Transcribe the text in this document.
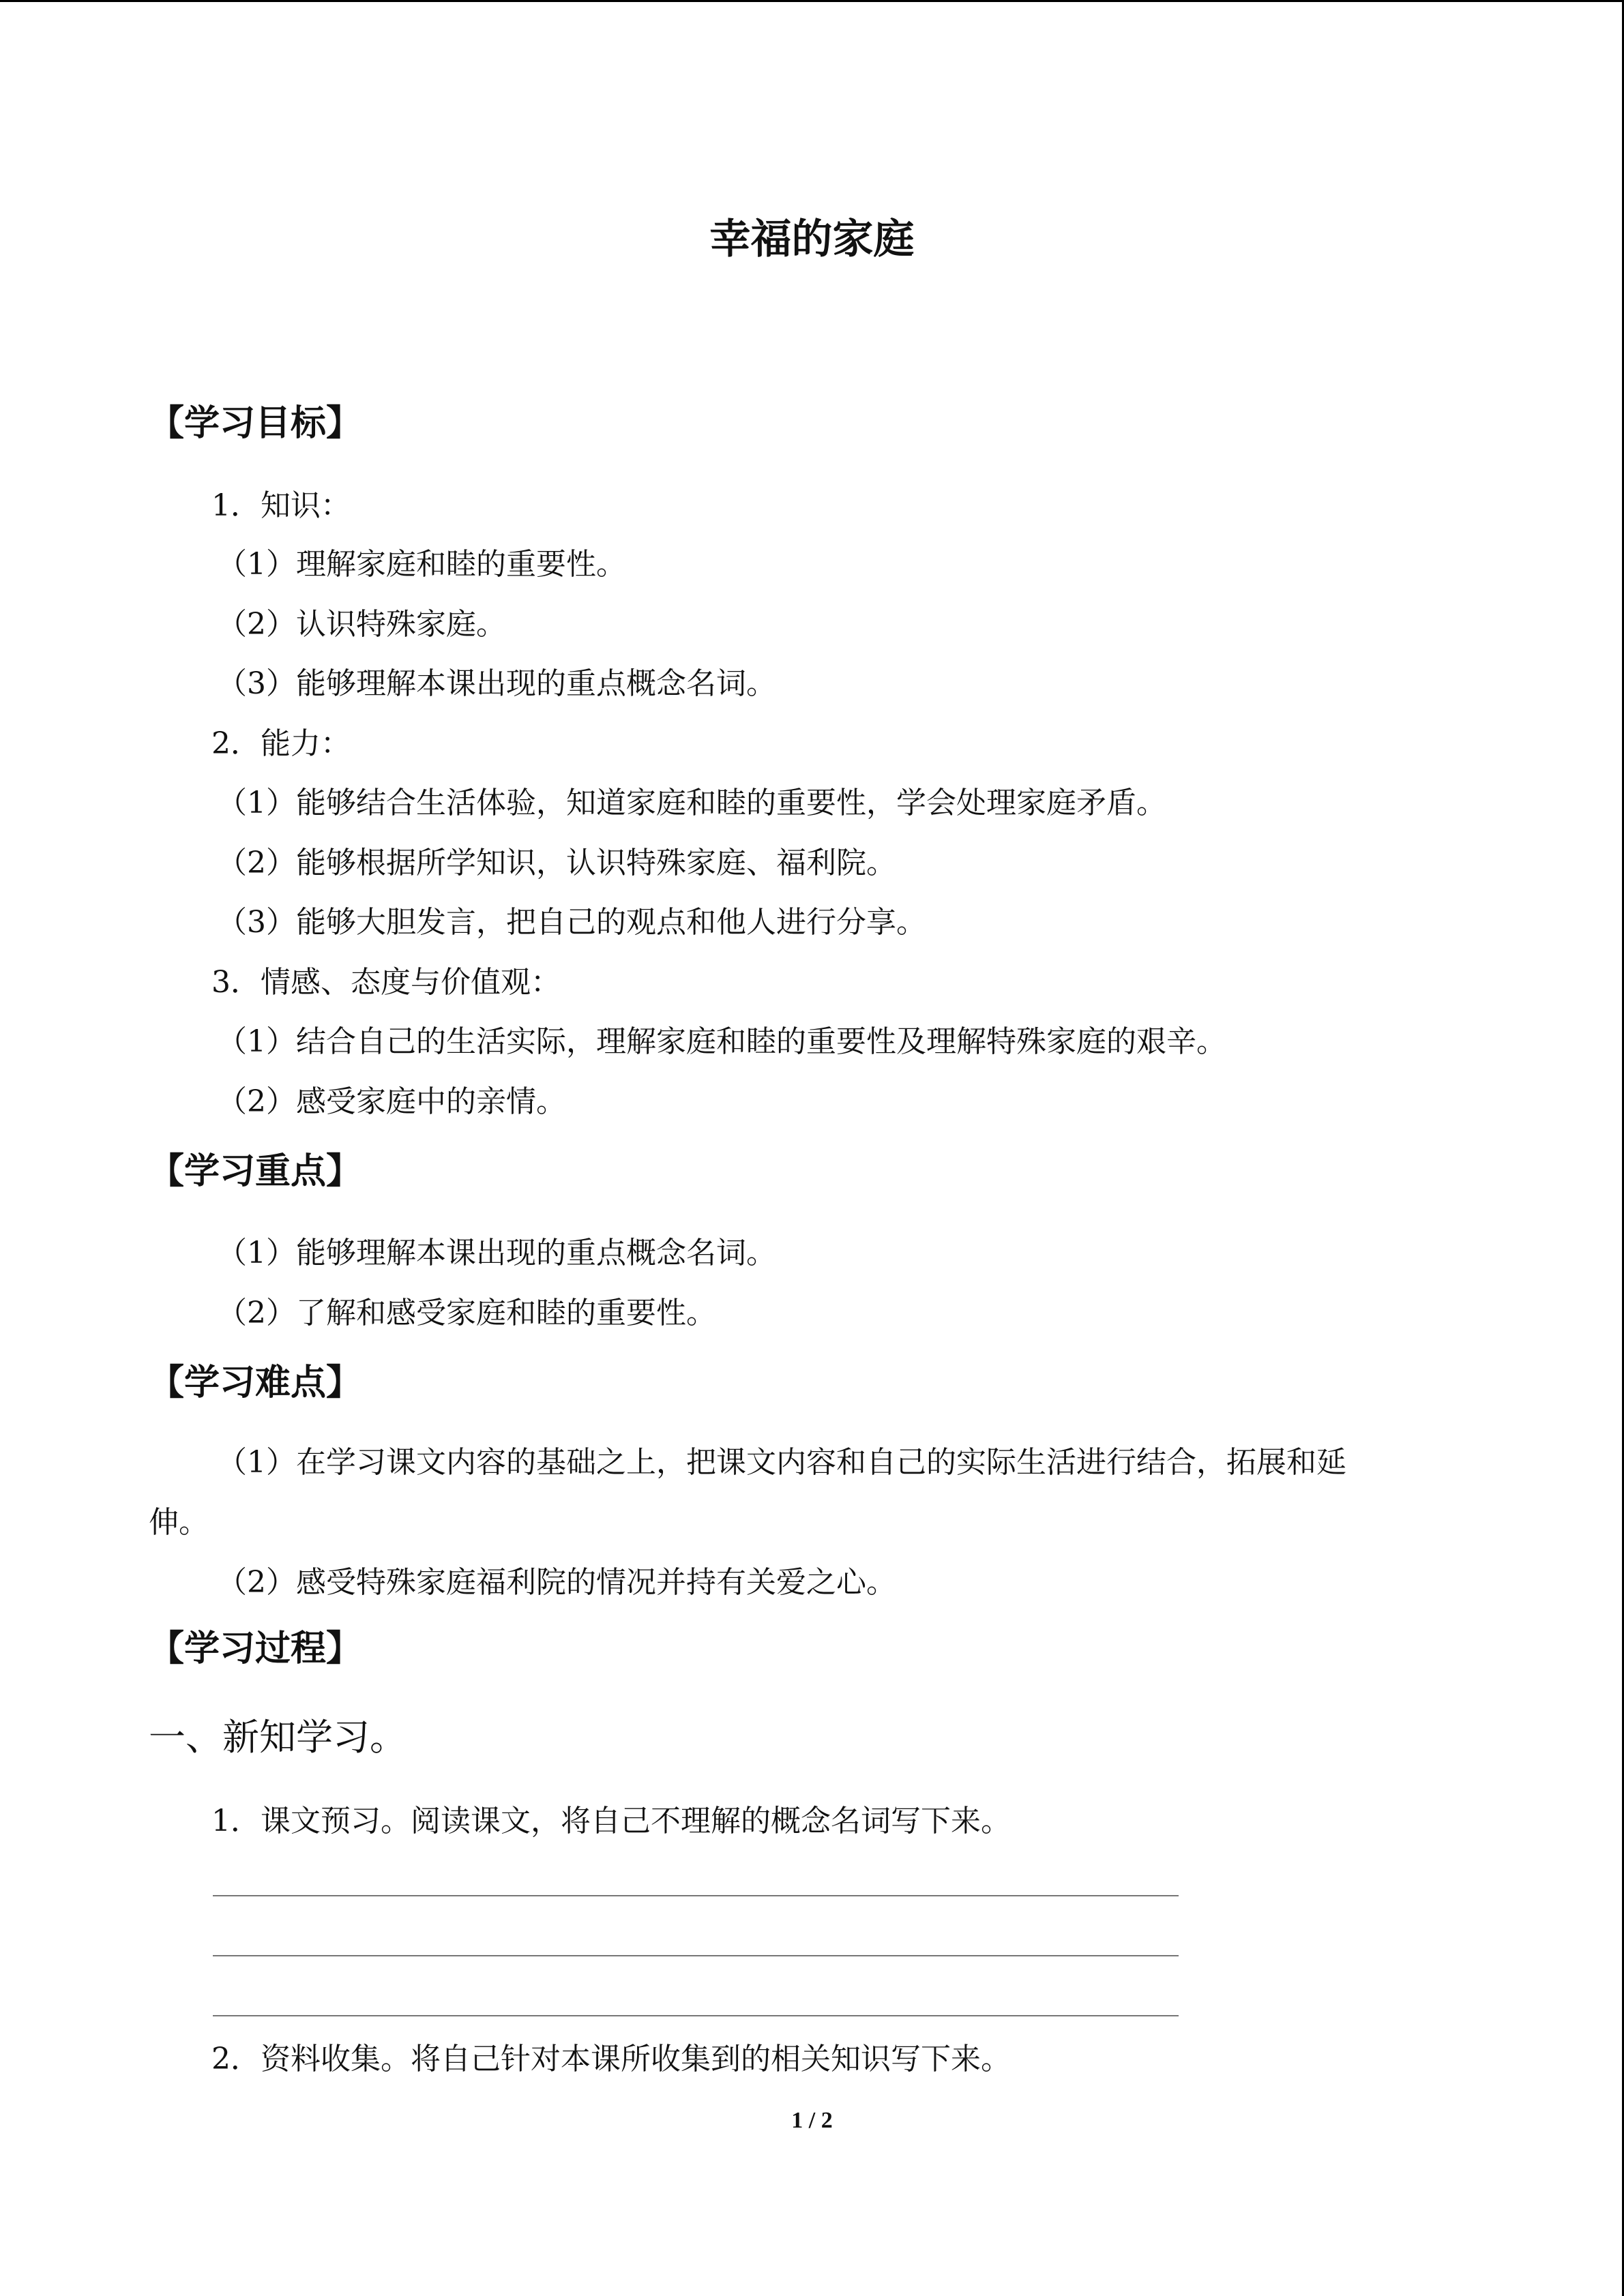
幸福的家庭
【学习目标】
1．知识：
（1）理解家庭和睦的重要性。
（2）认识特殊家庭。
（3）能够理解本课出现的重点概念名词。
2．能力：
（1）能够结合生活体验，知道家庭和睦的重要性，学会处理家庭矛盾。
（2）能够根据所学知识，认识特殊家庭、福利院。
（3）能够大胆发言，把自己的观点和他人进行分享。
3．情感、态度与价值观：
（1）结合自己的生活实际，理解家庭和睦的重要性及理解特殊家庭的艰辛。
（2）感受家庭中的亲情。
【学习重点】
（1）能够理解本课出现的重点概念名词。
（2）了解和感受家庭和睦的重要性。
【学习难点】
（1）在学习课文内容的基础之上，把课文内容和自己的实际生活进行结合，拓展和延
伸。
（2）感受特殊家庭福利院的情况并持有关爱之心。
【学习过程】
一、新知学习。
1．课文预习。阅读课文，将自己不理解的概念名词写下来。
2．资料收集。将自己针对本课所收集到的相关知识写下来。
1 / 2
